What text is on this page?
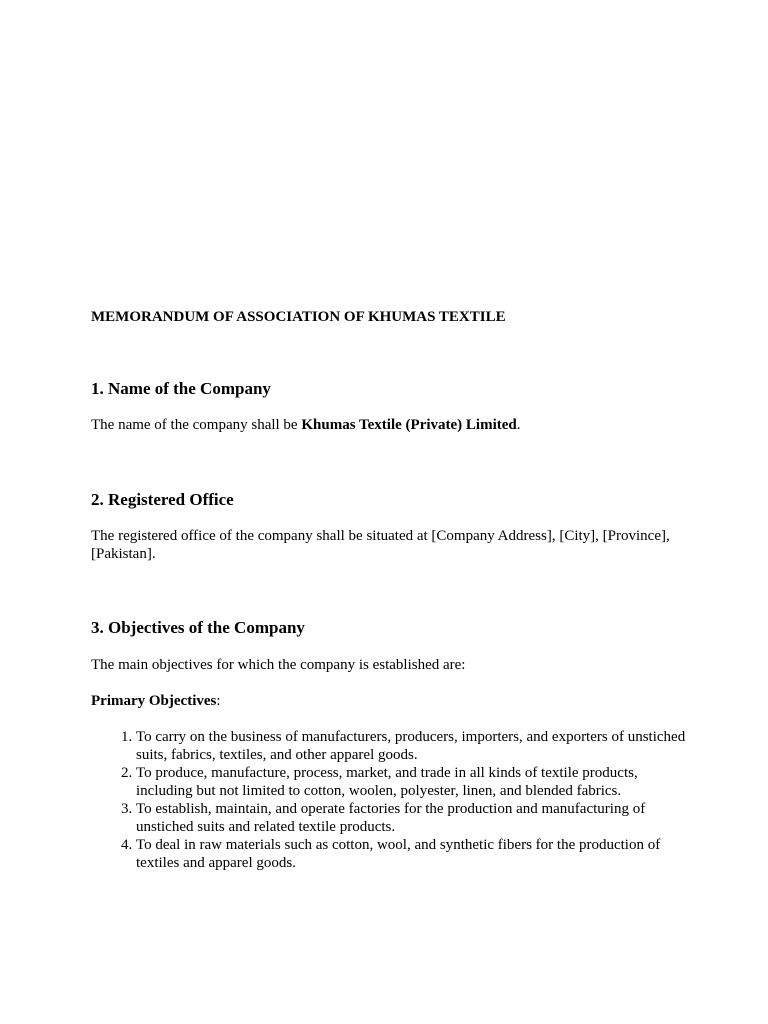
MEMORANDUM OF ASSOCIATION OF KHUMAS TEXTILE

1. Name of the Company

The name of the company shall be Khumas Textile (Private) Limited.

2. Registered Office

The registered office of the company shall be situated at [Company Address], [City], [Province], [Pakistan].

3. Objectives of the Company

The main objectives for which the company is established are:

Primary Objectives:

1. To carry on the business of manufacturers, producers, importers, and exporters of unstiched suits, fabrics, textiles, and other apparel goods.
2. To produce, manufacture, process, market, and trade in all kinds of textile products, including but not limited to cotton, woolen, polyester, linen, and blended fabrics.
3. To establish, maintain, and operate factories for the production and manufacturing of unstiched suits and related textile products.
4. To deal in raw materials such as cotton, wool, and synthetic fibers for the production of textiles and apparel goods.
